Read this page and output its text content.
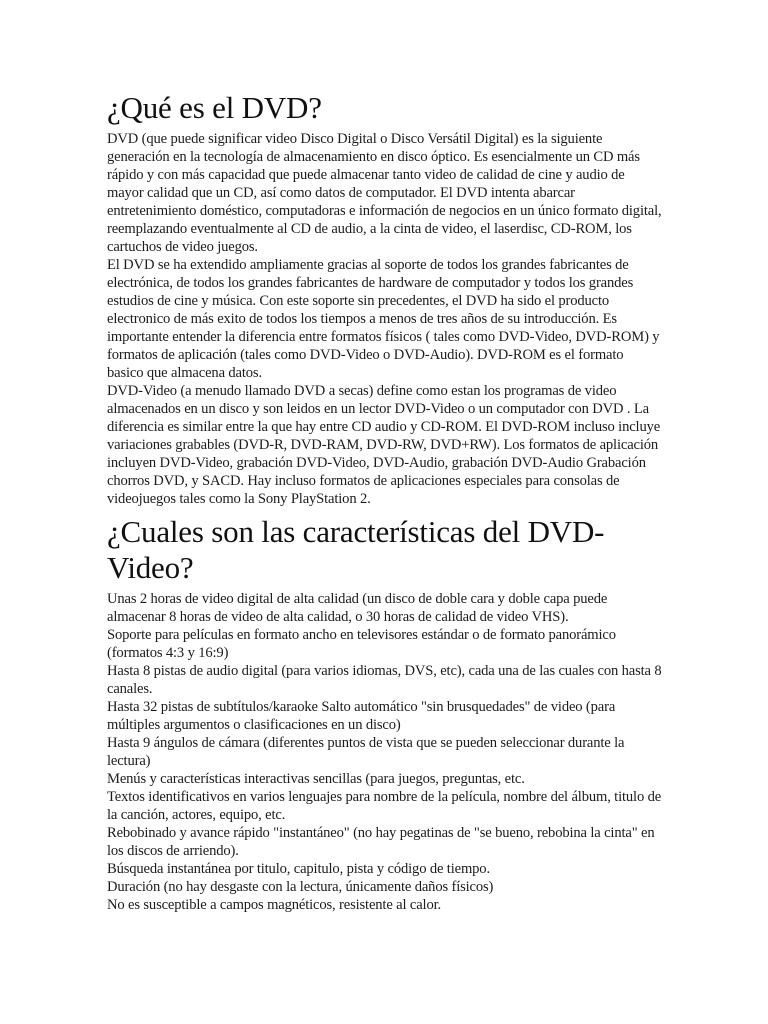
¿Qué es el DVD?

DVD (que puede significar video Disco Digital o Disco Versátil Digital) es la siguiente generación en la tecnología de almacenamiento en disco óptico. Es esencialmente un CD más rápido y con más capacidad que puede almacenar tanto video de calidad de cine y audio de mayor calidad que un CD, así como datos de computador. El DVD intenta abarcar entretenimiento doméstico, computadoras e información de negocios en un único formato digital, reemplazando eventualmente al CD de audio, a la cinta de video, el laserdisc, CD-ROM, los cartuchos de video juegos.

El DVD se ha extendido ampliamente gracias al soporte de todos los grandes fabricantes de electrónica, de todos los grandes fabricantes de hardware de computador y todos los grandes estudios de cine y música. Con este soporte sin precedentes, el DVD ha sido el producto electronico de más exito de todos los tiempos a menos de tres años de su introducción. Es importante entender la diferencia entre formatos físicos ( tales como DVD-Video, DVD-ROM) y formatos de aplicación (tales como DVD-Video o DVD-Audio). DVD-ROM es el formato basico que almacena datos.

DVD-Video (a menudo llamado DVD a secas) define como estan los programas de video almacenados en un disco y son leidos en un lector DVD-Video o un computador con DVD . La diferencia es similar entre la que hay entre CD audio y CD-ROM. El DVD-ROM incluso incluye variaciones grabables (DVD-R, DVD-RAM, DVD-RW, DVD+RW). Los formatos de aplicación incluyen DVD-Video, grabación DVD-Video, DVD-Audio, grabación DVD-Audio Grabación chorros DVD, y SACD. Hay incluso formatos de aplicaciones especiales para consolas de videojuegos tales como la Sony PlayStation 2.

¿Cuales son las características del DVD-Video?

Unas 2 horas de video digital de alta calidad (un disco de doble cara y doble capa puede almacenar 8 horas de video de alta calidad, o 30 horas de calidad de video VHS).

Soporte para películas en formato ancho en televisores estándar o de formato panorámico (formatos 4:3 y 16:9)

Hasta 8 pistas de audio digital (para varios idiomas, DVS, etc), cada una de las cuales con hasta 8 canales.

Hasta 32 pistas de subtítulos/karaoke Salto automático "sin brusquedades" de video (para múltiples argumentos o clasificaciones en un disco)

Hasta 9 ángulos de cámara (diferentes puntos de vista que se pueden seleccionar durante la lectura)

Menús y características interactivas sencillas (para juegos, preguntas, etc.

Textos identificativos en varios lenguajes para nombre de la película, nombre del álbum, titulo de la canción, actores, equipo, etc.

Rebobinado y avance rápido "instantáneo" (no hay pegatinas de "se bueno, rebobina la cinta" en los discos de arriendo).

Búsqueda instantánea por titulo, capitulo, pista y código de tiempo.

Duración (no hay desgaste con la lectura, únicamente daños físicos)

No es susceptible a campos magnéticos, resistente al calor.
